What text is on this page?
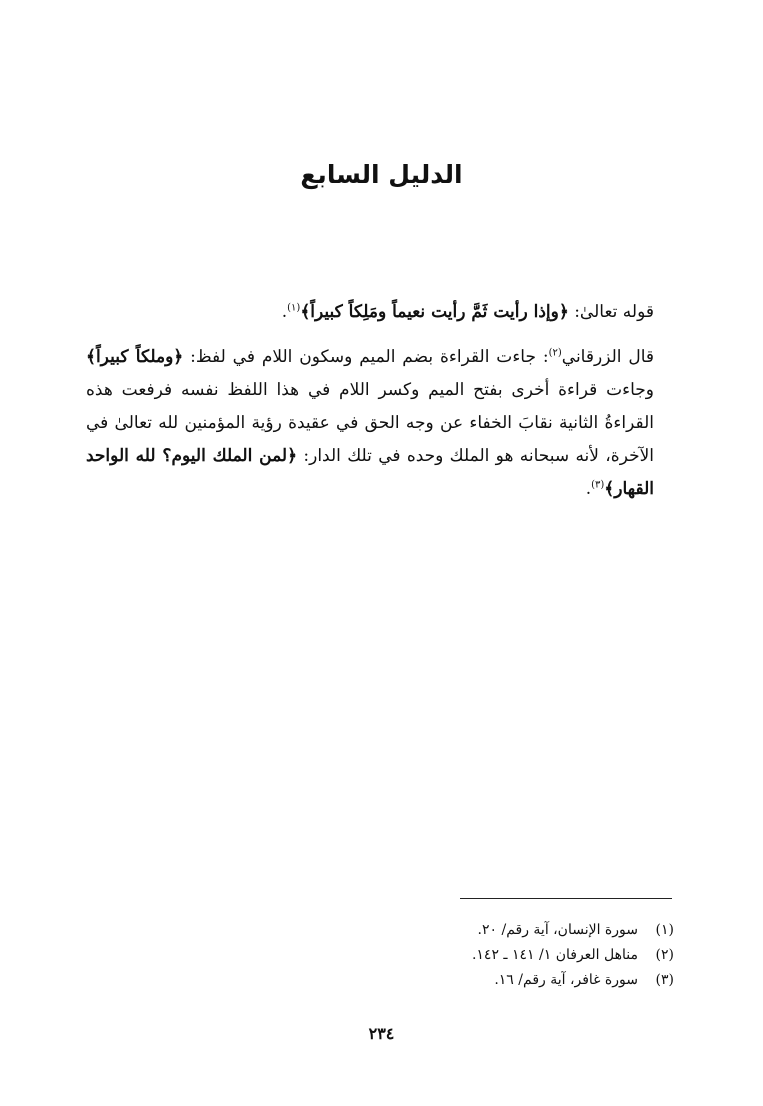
الدليل السابع

قوله تعالىٰ: ﴿وإذا رأيت ثَمَّ رأيت نعيماً ومَلِكاً كبيراً﴾$^{(١)}$.

قال الزرقاني$^{(٢)}$: جاءت القراءة بضم الميم وسكون اللام في لفظ: ﴿وملكاً كبيراً﴾ وجاءت قراءة أخرى بفتح الميم وكسر اللام في هذا اللفظ نفسه فرفعت هذه القراءةُ الثانية نقابَ الخفاء عن وجه الحق في عقيدة رؤية المؤمنين لله تعالىٰ في الآخرة، لأنه سبحانه هو الملك وحده في تلك الدار: ﴿لمن الملك اليوم؟ لله الواحد القهار﴾$^{(٣)}$.

(١)
سورة الإنسان، آية رقم/ ٢٠.
(٢)
مناهل العرفان ١/ ١٤١ ـ ١٤٢.
(٣)
سورة غافر، آية رقم/ ١٦.
٢٣٤
